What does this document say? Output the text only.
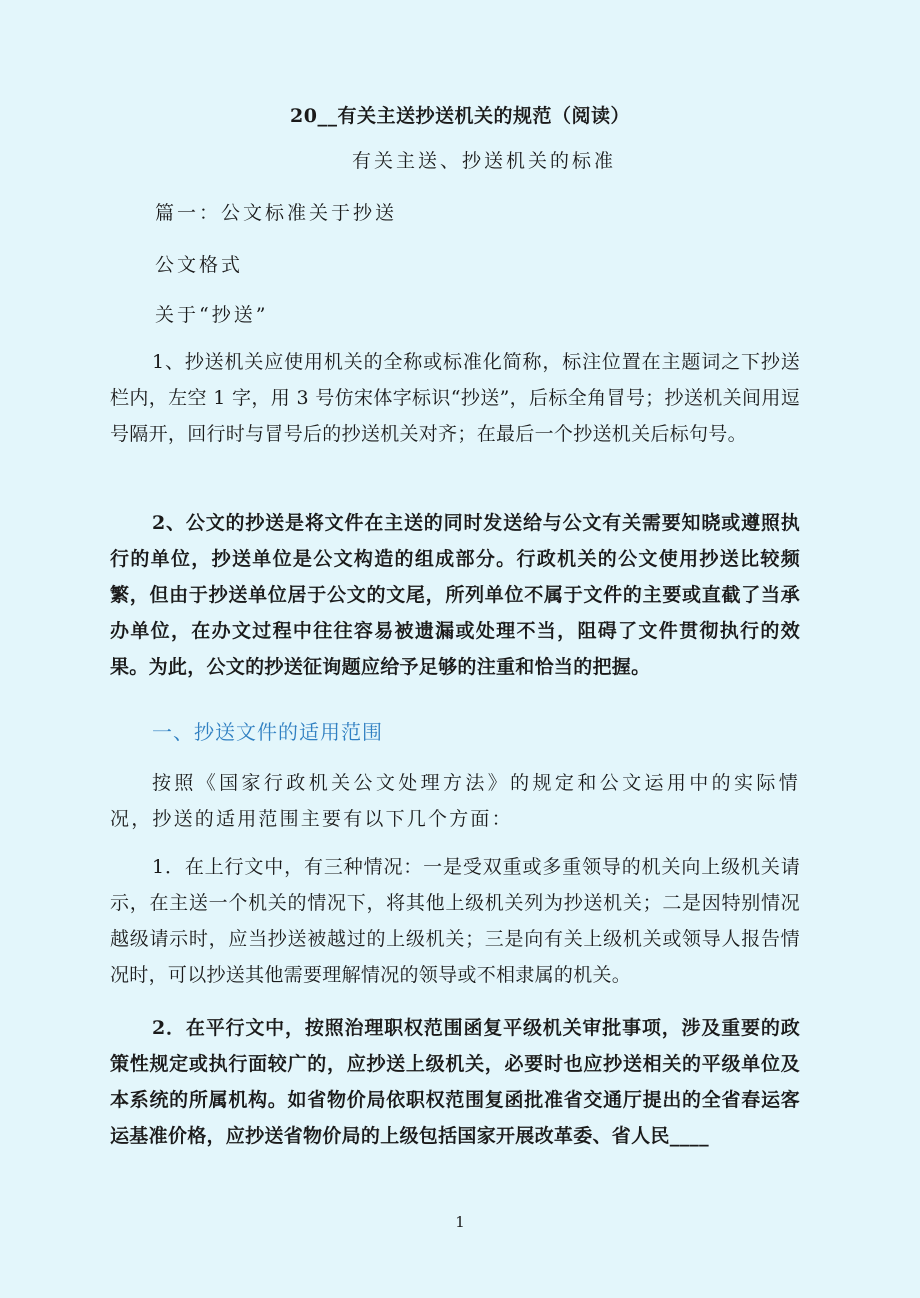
20__有关主送抄送机关的规范（阅读）
有关主送、抄送机关的标准
篇一：公文标准关于抄送
公文格式
关于“抄送”
1、抄送机关应使用机关的全称或标准化简称，标注位置在主题词之下抄送栏内，左空 1 字，用 3 号仿宋体字标识“抄送”，后标全角冒号；抄送机关间用逗号隔开，回行时与冒号后的抄送机关对齐；在最后一个抄送机关后标句号。
2、公文的抄送是将文件在主送的同时发送给与公文有关需要知晓或遵照执行的单位，抄送单位是公文构造的组成部分。行政机关的公文使用抄送比较频繁，但由于抄送单位居于公文的文尾，所列单位不属于文件的主要或直截了当承办单位，在办文过程中往往容易被遗漏或处理不当，阻碍了文件贯彻执行的效果。为此，公文的抄送征询题应给予足够的注重和恰当的把握。
一、抄送文件的适用范围
按照《国家行政机关公文处理方法》的规定和公文运用中的实际情况，抄送的适用范围主要有以下几个方面：
1．在上行文中，有三种情况：一是受双重或多重领导的机关向上级机关请示，在主送一个机关的情况下，将其他上级机关列为抄送机关；二是因特别情况越级请示时，应当抄送被越过的上级机关；三是向有关上级机关或领导人报告情况时，可以抄送其他需要理解情况的领导或不相隶属的机关。
2．在平行文中，按照治理职权范围函复平级机关审批事项，涉及重要的政策性规定或执行面较广的，应抄送上级机关，必要时也应抄送相关的平级单位及本系统的所属机构。如省物价局依职权范围复函批准省交通厅提出的全省春运客运基准价格，应抄送省物价局的上级包括国家开展改革委、省人民____
1
